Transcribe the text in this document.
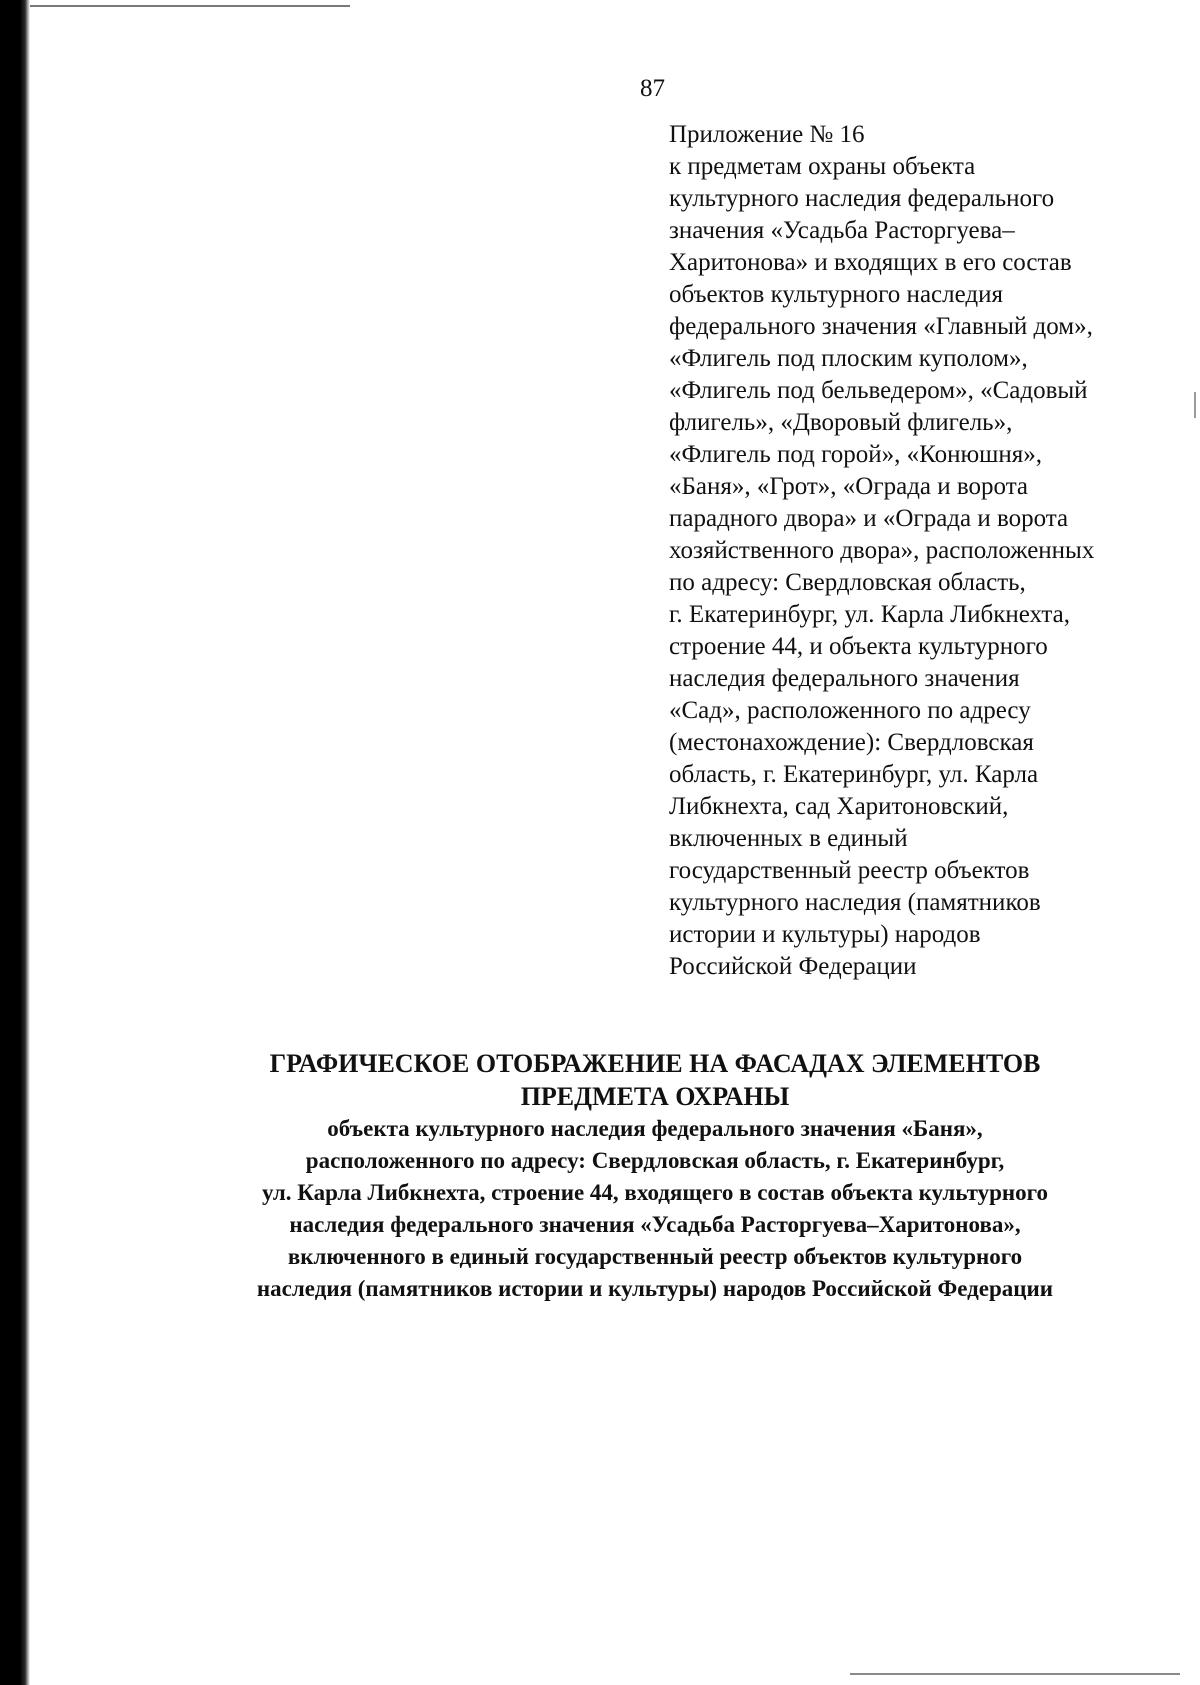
87

Приложение № 16
к предметам охраны объекта
культурного наследия федерального
значения «Усадьба Расторгуева–
Харитонова» и входящих в его состав
объектов культурного наследия
федерального значения «Главный дом»,
«Флигель под плоским куполом»,
«Флигель под бельведером», «Садовый
флигель», «Дворовый флигель»,
«Флигель под горой», «Конюшня»,
«Баня», «Грот», «Ограда и ворота
парадного двора» и «Ограда и ворота
хозяйственного двора», расположенных
по адресу: Свердловская область,
г. Екатеринбург, ул. Карла Либкнехта,
строение 44, и объекта культурного
наследия федерального значения
«Сад», расположенного по адресу
(местонахождение): Свердловская
область, г. Екатеринбург, ул. Карла
Либкнехта, сад Харитоновский,
включенных в единый
государственный реестр объектов
культурного наследия (памятников
истории и культуры) народов
Российской Федерации

ГРАФИЧЕСКОЕ ОТОБРАЖЕНИЕ НА ФАСАДАХ ЭЛЕМЕНТОВ

ПРЕДМЕТА ОХРАНЫ

объекта культурного наследия федерального значения «Баня»,

расположенного по адресу: Свердловская область, г. Екатеринбург,

ул. Карла Либкнехта, строение 44, входящего в состав объекта культурного

наследия федерального значения «Усадьба Расторгуева–Харитонова»,

включенного в единый государственный реестр объектов культурного

наследия (памятников истории и культуры) народов Российской Федерации
